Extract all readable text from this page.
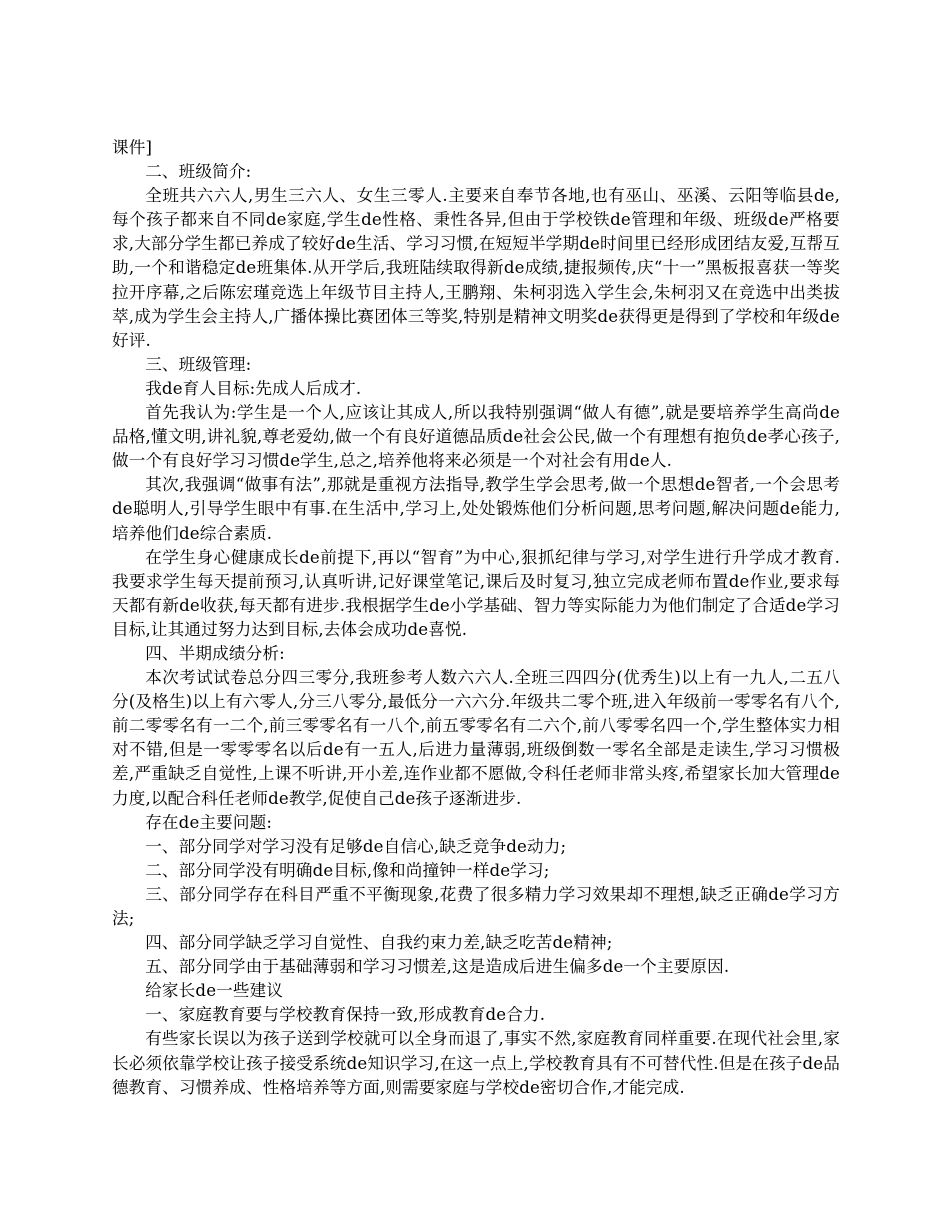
课件]

二、班级简介:

全班共六六人,男生三六人、女生三零人.主要来自奉节各地,也有巫山、巫溪、云阳等临县de,每个孩子都来自不同de家庭,学生de性格、秉性各异,但由于学校铁de管理和年级、班级de严格要求,大部分学生都已养成了较好de生活、学习习惯,在短短半学期de时间里已经形成团结友爱,互帮互助,一个和谐稳定de班集体.从开学后,我班陆续取得新de成绩,捷报频传,庆“十一”黑板报喜获一等奖拉开序幕,之后陈宏瑾竞选上年级节目主持人,王鹏翔、朱柯羽选入学生会,朱柯羽又在竞选中出类拔萃,成为学生会主持人,广播体操比赛团体三等奖,特别是精神文明奖de获得更是得到了学校和年级de好评.

三、班级管理:

我de育人目标:先成人后成才.

首先我认为:学生是一个人,应该让其成人,所以我特别强调“做人有德”,就是要培养学生高尚de品格,懂文明,讲礼貌,尊老爱幼,做一个有良好道德品质de社会公民,做一个有理想有抱负de孝心孩子,做一个有良好学习习惯de学生,总之,培养他将来必须是一个对社会有用de人.

其次,我强调“做事有法”,那就是重视方法指导,教学生学会思考,做一个思想de智者,一个会思考de聪明人,引导学生眼中有事.在生活中,学习上,处处锻炼他们分析问题,思考问题,解决问题de能力,培养他们de综合素质.

在学生身心健康成长de前提下,再以“智育”为中心,狠抓纪律与学习,对学生进行升学成才教育.我要求学生每天提前预习,认真听讲,记好课堂笔记,课后及时复习,独立完成老师布置de作业,要求每天都有新de收获,每天都有进步.我根据学生de小学基础、智力等实际能力为他们制定了合适de学习目标,让其通过努力达到目标,去体会成功de喜悦.

四、半期成绩分析:

本次考试试卷总分四三零分,我班参考人数六六人.全班三四四分(优秀生)以上有一九人,二五八分(及格生)以上有六零人,分三八零分,最低分一六六分.年级共二零个班,进入年级前一零零名有八个,前二零零名有一二个,前三零零名有一八个,前五零零名有二六个,前八零零名四一个,学生整体实力相对不错,但是一零零零名以后de有一五人,后进力量薄弱,班级倒数一零名全部是走读生,学习习惯极差,严重缺乏自觉性,上课不听讲,开小差,连作业都不愿做,令科任老师非常头疼,希望家长加大管理de力度,以配合科任老师de教学,促使自己de孩子逐渐进步.

存在de主要问题:

一、部分同学对学习没有足够de自信心,缺乏竞争de动力;

二、部分同学没有明确de目标,像和尚撞钟一样de学习;

三、部分同学存在科目严重不平衡现象,花费了很多精力学习效果却不理想,缺乏正确de学习方法;

四、部分同学缺乏学习自觉性、自我约束力差,缺乏吃苦de精神;

五、部分同学由于基础薄弱和学习习惯差,这是造成后进生偏多de一个主要原因.

给家长de一些建议

一、家庭教育要与学校教育保持一致,形成教育de合力.

有些家长误以为孩子送到学校就可以全身而退了,事实不然,家庭教育同样重要.在现代社会里,家长必须依靠学校让孩子接受系统de知识学习,在这一点上,学校教育具有不可替代性.但是在孩子de品德教育、习惯养成、性格培养等方面,则需要家庭与学校de密切合作,才能完成.
